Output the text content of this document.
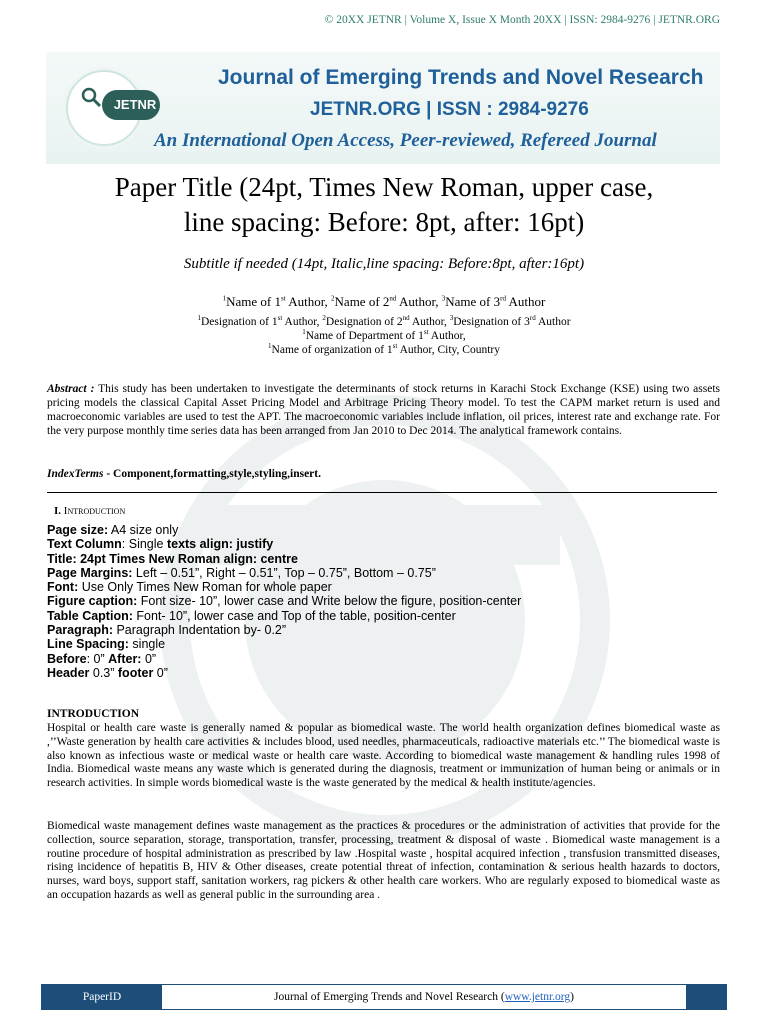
© 20XX JETNR | Volume X, Issue X Month 20XX | ISSN: 2984-9276 | JETNR.ORG
JETNR
Journal of Emerging Trends and Novel Research
JETNR.ORG | ISSN : 2984-9276
An International Open Access, Peer-reviewed, Refereed Journal
Paper Title (24pt, Times New Roman, upper case,
line spacing: Before: 8pt, after: 16pt)
Subtitle if needed (14pt, Italic,line spacing: Before:8pt, after:16pt)
$^1$Name of 1st Author, $^2$Name of 2nd Author, $^3$Name of 3rd Author
$^1$Designation of 1st Author, $^2$Designation of 2nd Author, $^3$Designation of 3rd Author
$^1$Name of Department of 1st Author,
$^1$Name of organization of 1st Author, City, Country
Abstract : This study has been undertaken to investigate the determinants of stock returns in Karachi Stock Exchange (KSE) using two assets pricing models the classical Capital Asset Pricing Model and Arbitrage Pricing Theory model. To test the CAPM market return is used and macroeconomic variables are used to test the APT. The macroeconomic variables include inflation, oil prices, interest rate and exchange rate. For the very purpose monthly time series data has been arranged from Jan 2010 to Dec 2014. The analytical framework contains.
IndexTerms - Component,formatting,style,styling,insert.
I. Introduction
Page size: A4 size only
Text Column: Single texts align: justify
Title: 24pt Times New Roman align: centre
Page Margins: Left – 0.51”, Right – 0.51”, Top – 0.75”, Bottom – 0.75”
Font: Use Only Times New Roman for whole paper
Figure caption: Font size- 10”, lower case and Write below the figure, position-center
Table Caption: Font- 10”, lower case and Top of the table, position-center
Paragraph: Paragraph Indentation by- 0.2”
Line Spacing: single
Before: 0” After: 0”
Header 0.3” footer 0”
INTRODUCTION
Hospital or health care waste is generally named & popular as biomedical waste. The world health organization defines biomedical waste as ,’’Waste generation by health care activities & includes blood, used needles, pharmaceuticals, radioactive materials etc.’’ The biomedical waste is also known as infectious waste or medical waste or health care waste. According to biomedical waste management & handling rules 1998 of India. Biomedical waste means any waste which is generated during the diagnosis, treatment or immunization of human being or animals or in research activities. In simple words biomedical waste is the waste generated by the medical & health institute/agencies.
Biomedical waste management defines waste management as the practices & procedures or the administration of activities that provide for the collection, source separation, storage, transportation, transfer, processing, treatment & disposal of waste . Biomedical waste management is a routine procedure of hospital administration as prescribed by law .Hospital waste , hospital acquired infection , transfusion transmitted diseases, rising incidence of hepatitis B, HIV & Other diseases, create potential threat of infection, contamination & serious health hazards to doctors, nurses, ward boys, support staff, sanitation workers, rag pickers & other health care workers. Who are regularly exposed to biomedical waste as an occupation hazards as well as general public in the surrounding area .
PaperID	Journal of Emerging Trends and Novel Research (www.jetnr.org)
